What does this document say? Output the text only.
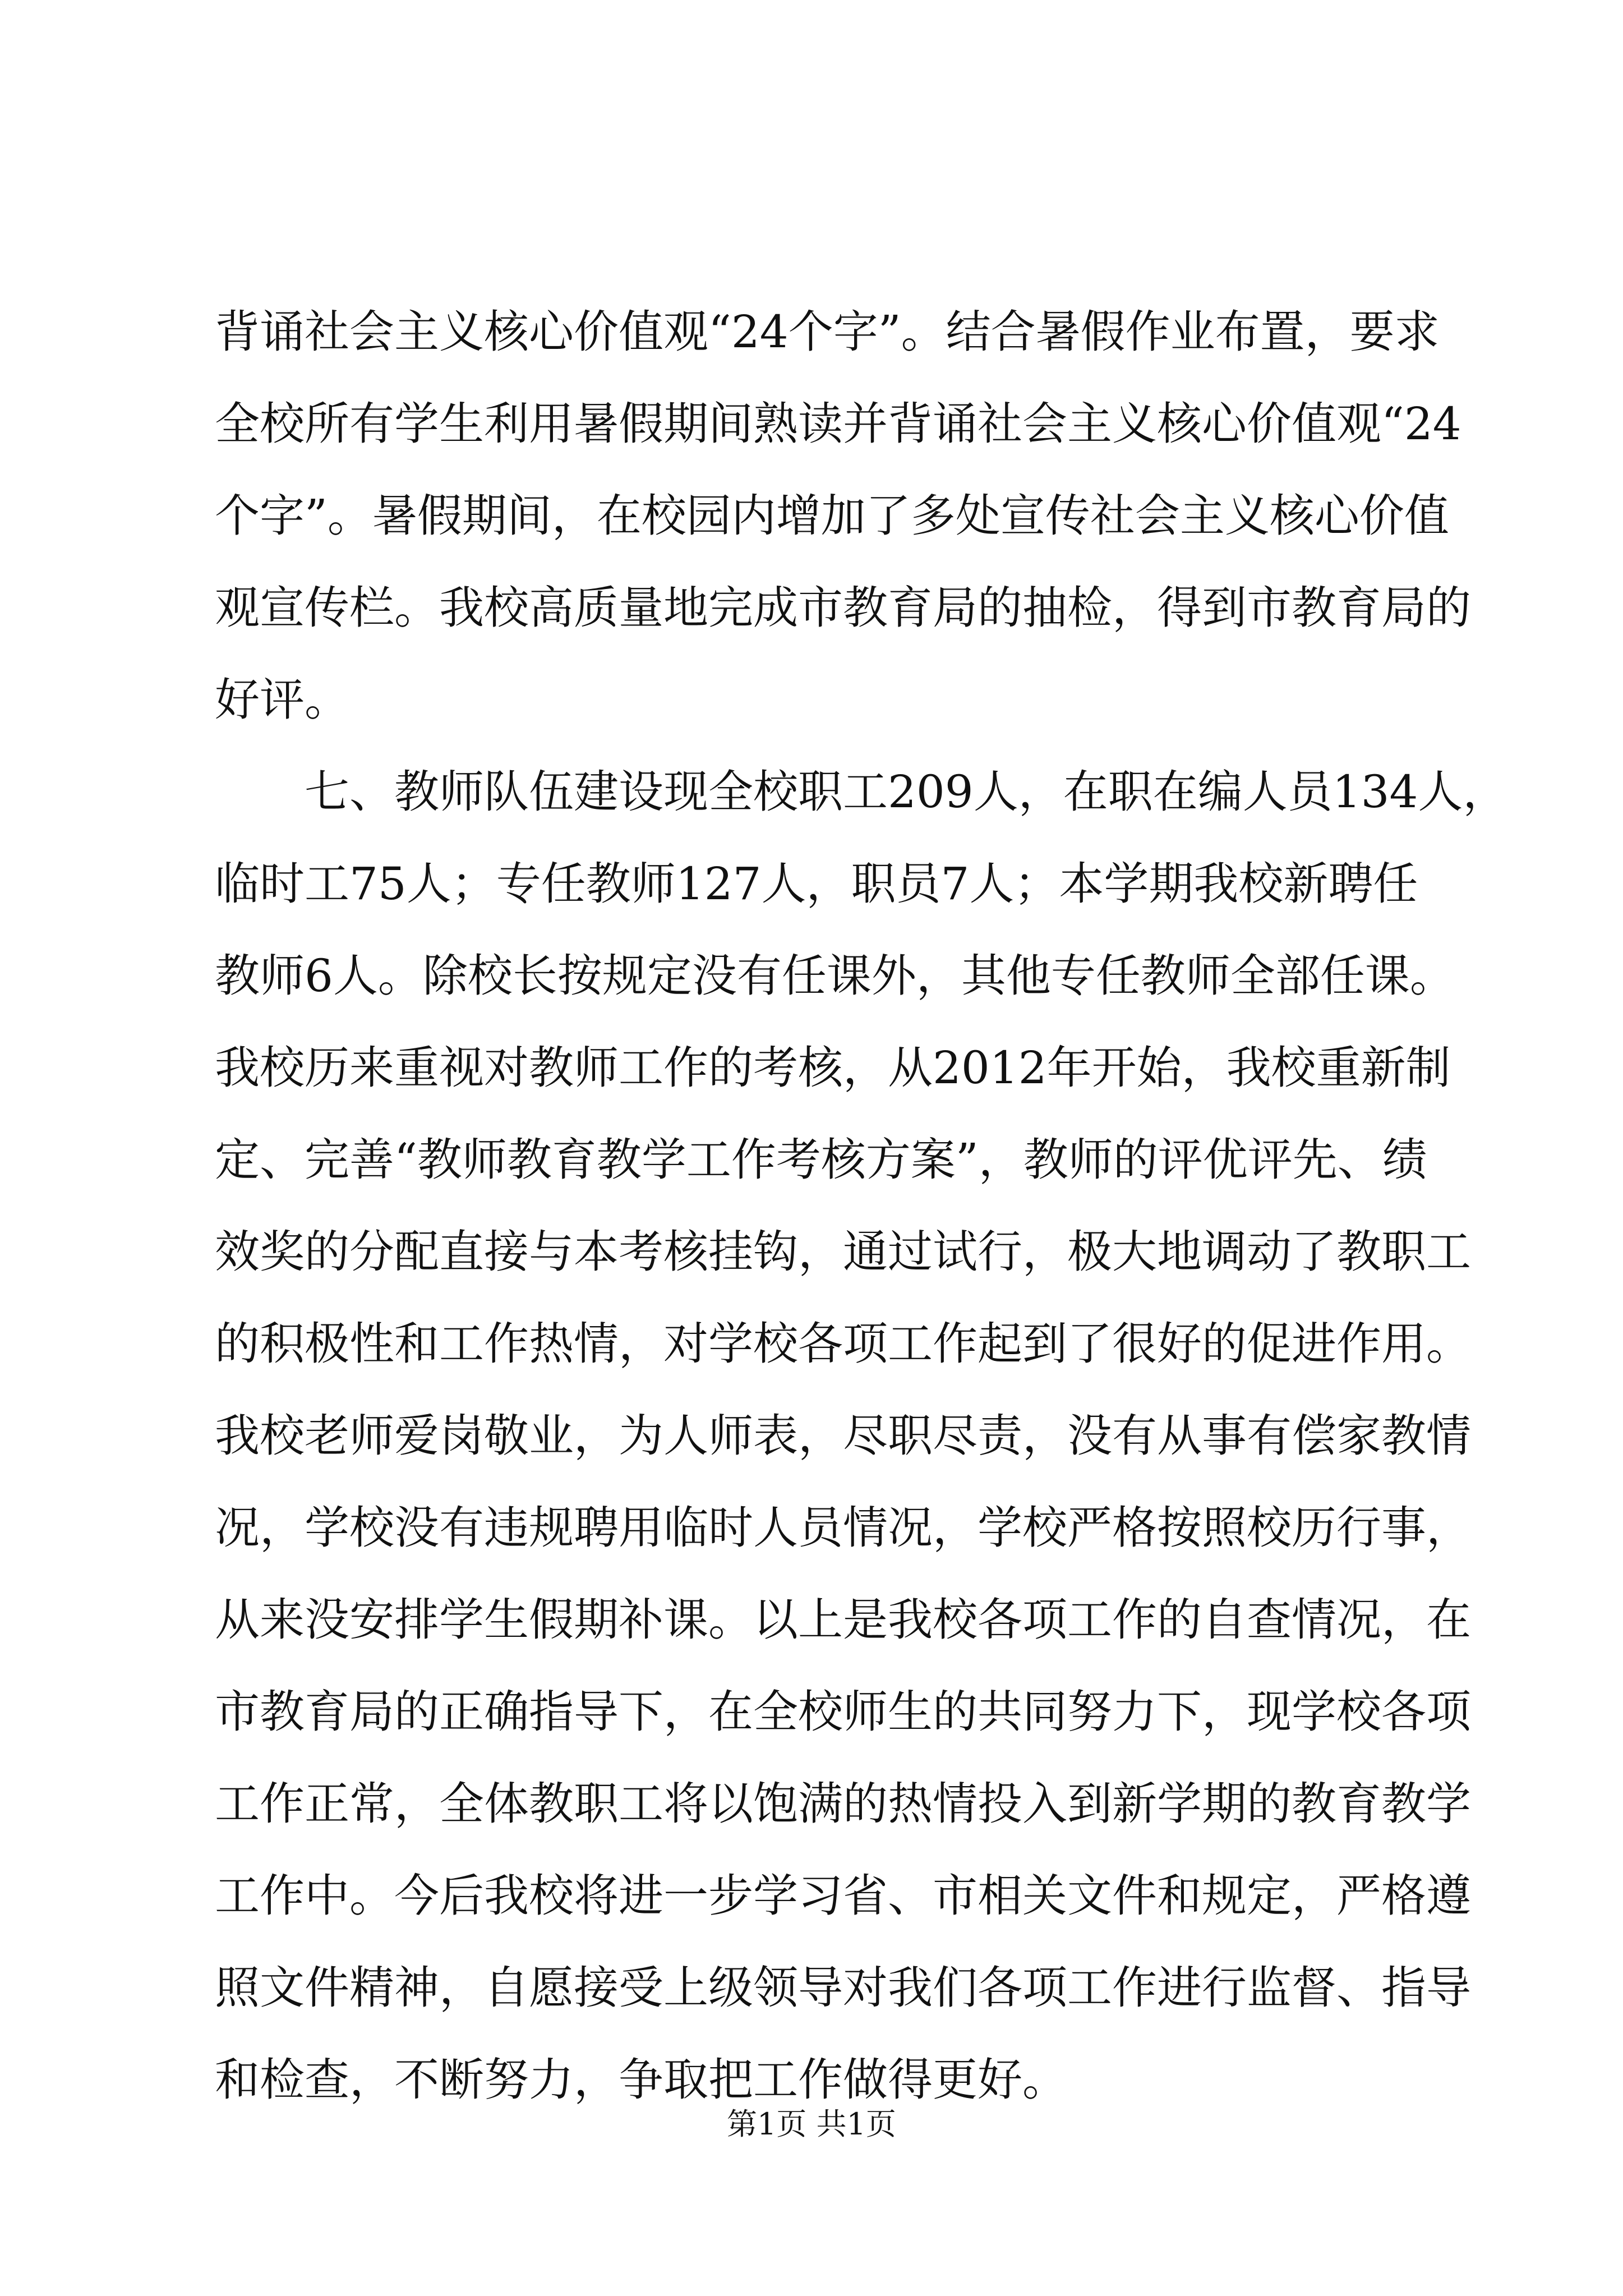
背诵社会主义核心价值观“24个字”。结合暑假作业布置，要求
全校所有学生利用暑假期间熟读并背诵社会主义核心价值观“24
个字”。暑假期间，在校园内增加了多处宣传社会主义核心价值
观宣传栏。我校高质量地完成市教育局的抽检，得到市教育局的
好评。
　　七、教师队伍建设现全校职工209人，在职在编人员134人，
临时工75人；专任教师127人，职员7人；本学期我校新聘任
教师6人。除校长按规定没有任课外，其他专任教师全部任课。
我校历来重视对教师工作的考核，从2012年开始，我校重新制
定、完善“教师教育教学工作考核方案”，教师的评优评先、绩
效奖的分配直接与本考核挂钩，通过试行，极大地调动了教职工
的积极性和工作热情，对学校各项工作起到了很好的促进作用。
我校老师爱岗敬业，为人师表，尽职尽责，没有从事有偿家教情
况，学校没有违规聘用临时人员情况，学校严格按照校历行事，
从来没安排学生假期补课。以上是我校各项工作的自查情况，在
市教育局的正确指导下，在全校师生的共同努力下，现学校各项
工作正常，全体教职工将以饱满的热情投入到新学期的教育教学
工作中。今后我校将进一步学习省、市相关文件和规定，严格遵
照文件精神，自愿接受上级领导对我们各项工作进行监督、指导
和检查，不断努力，争取把工作做得更好。
第1页 共1页
